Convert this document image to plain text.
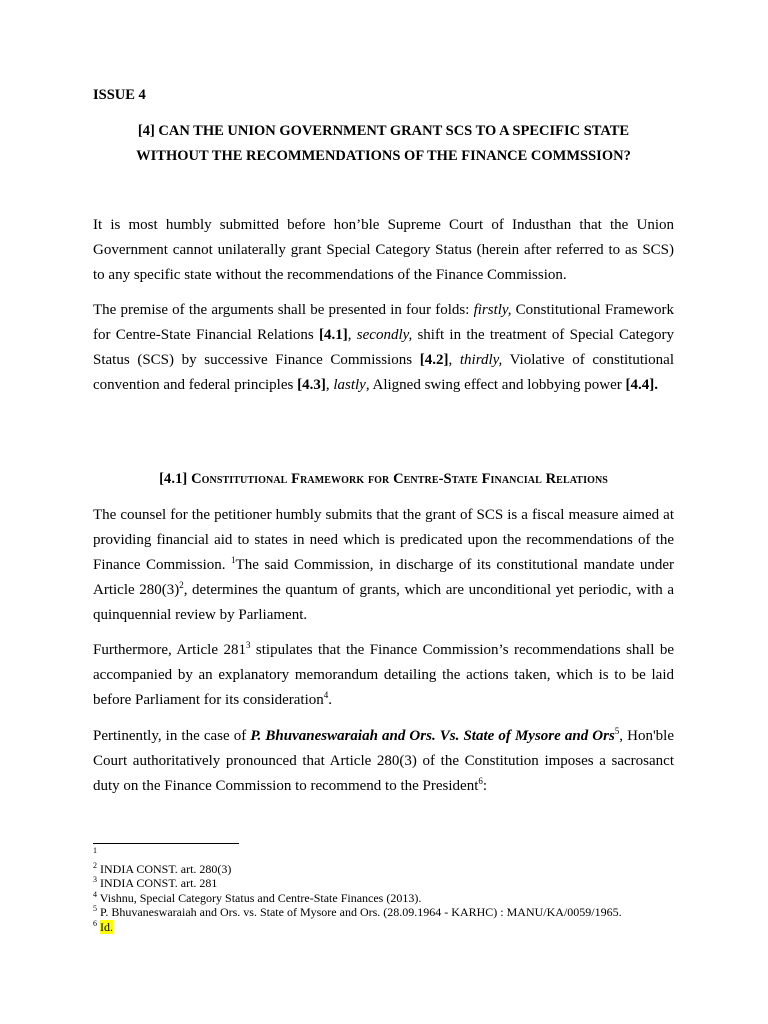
ISSUE 4
[4] CAN THE UNION GOVERNMENT GRANT SCS TO A SPECIFIC STATE
WITHOUT THE RECOMMENDATIONS OF THE FINANCE COMMSSION?

It is most humbly submitted before hon’ble Supreme Court of Industhan that the Union Government cannot unilaterally grant Special Category Status (herein after referred to as SCS) to any specific state without the recommendations of the Finance Commission.

The premise of the arguments shall be presented in four folds: firstly, Constitutional Framework for Centre-State Financial Relations [4.1], secondly, shift in the treatment of Special Category Status (SCS) by successive Finance Commissions [4.2], thirdly, Violative of constitutional convention and federal principles [4.3], lastly, Aligned swing effect and lobbying power [4.4].

[4.1] Constitutional Framework for Centre-State Financial Relations

The counsel for the petitioner humbly submits that the grant of SCS is a fiscal measure aimed at providing financial aid to states in need which is predicated upon the recommendations of the Finance Commission. $^1$The said Commission, in discharge of its constitutional mandate under Article $280(3)^2$, determines the quantum of grants, which are unconditional yet periodic, with a quinquennial review by Parliament.

Furthermore, Article $281^3$ stipulates that the Finance Commission’s recommendations shall be accompanied by an explanatory memorandum detailing the actions taken, which is to be laid before Parliament for its consideration$^4$.

Pertinently, in the case of P. Bhuvaneswaraiah and Ors. Vs. State of Mysore and Ors$^5$, Hon'ble Court authoritatively pronounced that Article 280(3) of the Constitution imposes a sacrosanct duty on the Finance Commission to recommend to the President$^6$:

$^1$
$^2$ INDIA CONST. art. 280(3)
$^3$ INDIA CONST. art. 281
$^4$ Vishnu, Special Category Status and Centre-State Finances (2013).
$^5$ P. Bhuvaneswaraiah and Ors. vs. State of Mysore and Ors. (28.09.1964 - KARHC) : MANU/KA/0059/1965.
$^6$ Id.
